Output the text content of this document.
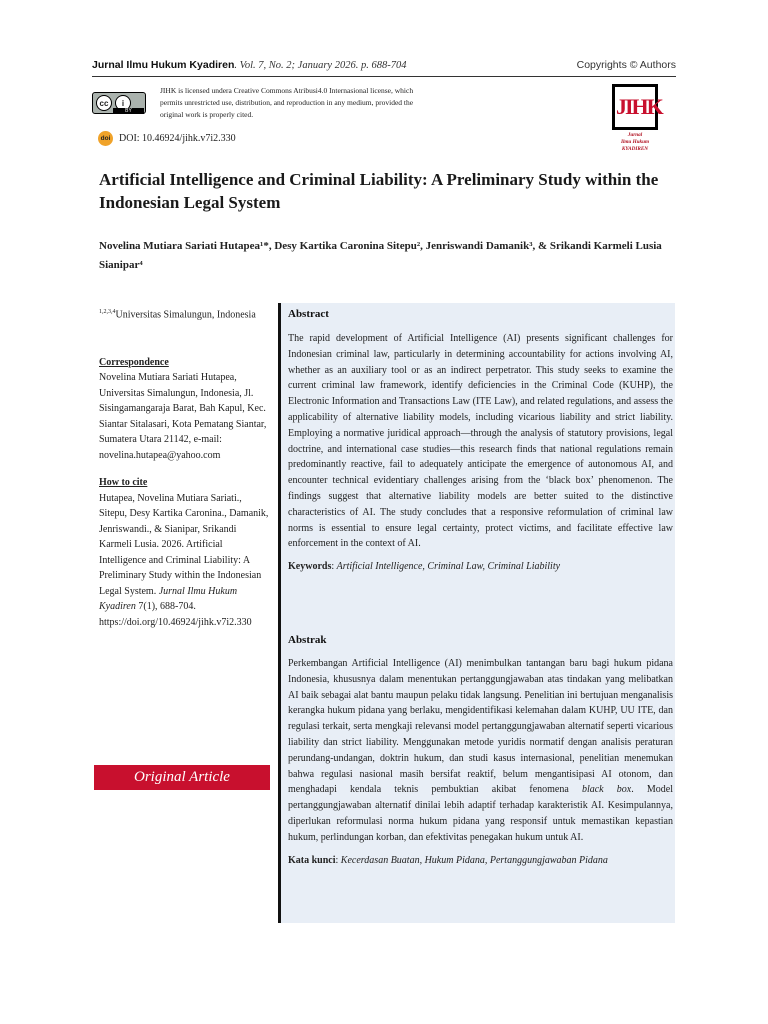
Jurnal Ilmu Hukum Kyadiren. Vol. 7, No. 2; January 2026. p. 688-704	Copyrights © Authors
cc	i
BY
JIHK is licensed undera Creative Commons Atribusi4.0 Internasional license, which permits unrestricted use, distribution, and reproduction in any medium, provided the original work is properly cited.
doi DOI: 10.46924/jihk.v7i2.330
JIHK
Jurnal
Ilmu Hukum
KYADIREN
Artificial Intelligence and Criminal Liability: A Preliminary Study within the Indonesian Legal System
Novelina Mutiara Sariati Hutapea¹*, Desy Kartika Caronina Sitepu², Jenriswandi Damanik³, & Srikandi Karmeli Lusia Sianipar⁴
$^{1,2,3,4}$Universitas Simalungun, Indonesia
Correspondence
Novelina Mutiara Sariati Hutapea, Universitas Simalungun, Indonesia, Jl. Sisingamangaraja Barat, Bah Kapul, Kec. Siantar Sitalasari, Kota Pematang Siantar, Sumatera Utara 21142, e-mail: novelina.hutapea@yahoo.com
How to cite
Hutapea, Novelina Mutiara Sariati., Sitepu, Desy Kartika Caronina., Damanik, Jenriswandi., & Sianipar, Srikandi Karmeli Lusia. 2026. Artificial Intelligence and Criminal Liability: A Preliminary Study within the Indonesian Legal System. Jurnal Ilmu Hukum Kyadiren 7(1), 688-704. https://doi.org/10.46924/jihk.v7i2.330
Original Article
Abstract
The rapid development of Artificial Intelligence (AI) presents significant challenges for Indonesian criminal law, particularly in determining accountability for actions involving AI, whether as an auxiliary tool or as an indirect perpetrator. This study seeks to examine the current criminal law framework, identify deficiencies in the Criminal Code (KUHP), the Electronic Information and Transactions Law (ITE Law), and related regulations, and assess the applicability of alternative liability models, including vicarious liability and strict liability. Employing a normative juridical approach—through the analysis of statutory provisions, legal doctrine, and international case studies—this research finds that national regulations remain predominantly reactive, fail to adequately anticipate the emergence of autonomous AI, and encounter technical evidentiary challenges arising from the ‘black box’ phenomenon. The findings suggest that alternative liability models are better suited to the distinctive characteristics of AI. The study concludes that a responsive reformulation of criminal law norms is essential to ensure legal certainty, protect victims, and facilitate effective law enforcement in the context of AI.
Keywords: Artificial Intelligence, Criminal Law, Criminal Liability
Abstrak
Perkembangan Artificial Intelligence (AI) menimbulkan tantangan baru bagi hukum pidana Indonesia, khususnya dalam menentukan pertanggungjawaban atas tindakan yang melibatkan AI baik sebagai alat bantu maupun pelaku tidak langsung. Penelitian ini bertujuan menganalisis kerangka hukum pidana yang berlaku, mengidentifikasi kelemahan dalam KUHP, UU ITE, dan regulasi terkait, serta mengkaji relevansi model pertanggungjawaban alternatif seperti vicarious liability dan strict liability. Menggunakan metode yuridis normatif dengan analisis peraturan perundang-undangan, doktrin hukum, dan studi kasus internasional, penelitian menemukan bahwa regulasi nasional masih bersifat reaktif, belum mengantisipasi AI otonom, dan menghadapi kendala teknis pembuktian akibat fenomena black box. Model pertanggungjawaban alternatif dinilai lebih adaptif terhadap karakteristik AI. Kesimpulannya, diperlukan reformulasi norma hukum pidana yang responsif untuk memastikan kepastian hukum, perlindungan korban, dan efektivitas penegakan hukum untuk AI.
Kata kunci: Kecerdasan Buatan, Hukum Pidana, Pertanggungjawaban Pidana
